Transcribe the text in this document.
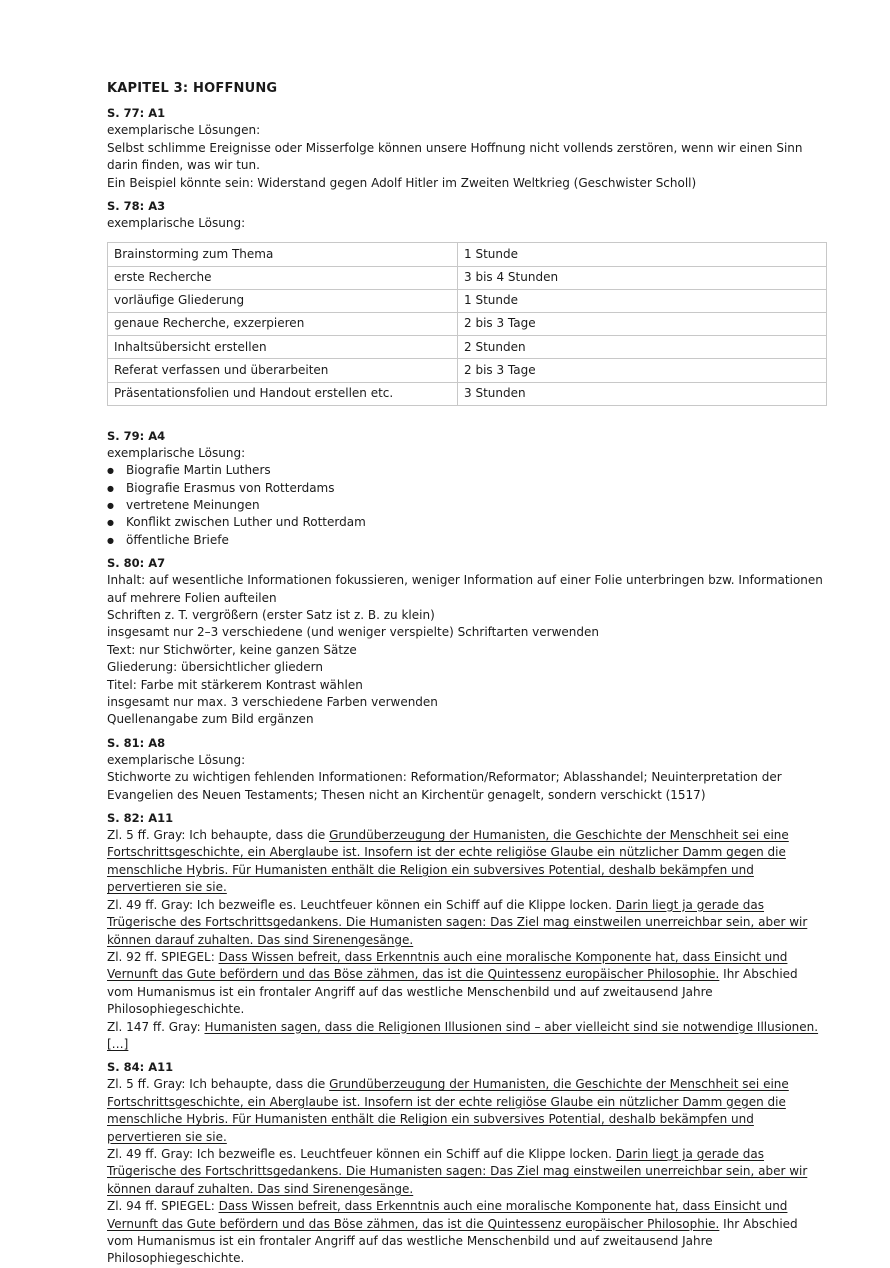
KAPITEL 3: HOFFNUNG
S. 77: A1

exemplarische Lösungen:

Selbst schlimme Ereignisse oder Misserfolge können unsere Hoffnung nicht vollends zerstören, wenn wir einen Sinn darin finden, was wir tun.

Ein Beispiel könnte sein: Widerstand gegen Adolf Hitler im Zweiten Weltkrieg (Geschwister Scholl)

S. 78: A3

exemplarische Lösung:

Brainstorming zum Thema	1 Stunde
erste Recherche	3 bis 4 Stunden
vorläufige Gliederung	1 Stunde
genaue Recherche, exzerpieren	2 bis 3 Tage
Inhaltsübersicht erstellen	2 Stunden
Referat verfassen und überarbeiten	2 bis 3 Tage
Präsentationsfolien und Handout erstellen etc.	3 Stunden
S. 79: A4

exemplarische Lösung:

● Biografie Martin Luthers
● Biografie Erasmus von Rotterdams
● vertretene Meinungen
● Konflikt zwischen Luther und Rotterdam
● öffentliche Briefe
S. 80: A7

Inhalt: auf wesentliche Informationen fokussieren, weniger Information auf einer Folie unterbringen bzw. Informationen auf mehrere Folien aufteilen

Schriften z. T. vergrößern (erster Satz ist z. B. zu klein)

insgesamt nur 2–3 verschiedene (und weniger verspielte) Schriftarten verwenden

Text: nur Stichwörter, keine ganzen Sätze

Gliederung: übersichtlicher gliedern

Titel: Farbe mit stärkerem Kontrast wählen

insgesamt nur max. 3 verschiedene Farben verwenden

Quellenangabe zum Bild ergänzen

S. 81: A8

exemplarische Lösung:

Stichworte zu wichtigen fehlenden Informationen: Reformation/Reformator; Ablasshandel; Neuinterpretation der Evangelien des Neuen Testaments; Thesen nicht an Kirchentür genagelt, sondern verschickt (1517)

S. 82: A11

Zl. 5 ff. Gray: Ich behaupte, dass die Grundüberzeugung der Humanisten, die Geschichte der Menschheit sei eine Fortschrittsgeschichte, ein Aberglaube ist. Insofern ist der echte religiöse Glaube ein nützlicher Damm gegen die menschliche Hybris. Für Humanisten enthält die Religion ein subversives Potential, deshalb bekämpfen und pervertieren sie sie.

Zl. 49 ff. Gray: Ich bezweifle es. Leuchtfeuer können ein Schiff auf die Klippe locken. Darin liegt ja gerade das Trügerische des Fortschrittsgedankens. Die Humanisten sagen: Das Ziel mag einstweilen unerreichbar sein, aber wir können darauf zuhalten. Das sind Sirenengesänge.

Zl. 92 ff. SPIEGEL: Dass Wissen befreit, dass Erkenntnis auch eine moralische Komponente hat, dass Einsicht und Vernunft das Gute befördern und das Böse zähmen, das ist die Quintessenz europäischer Philosophie. Ihr Abschied vom Humanismus ist ein frontaler Angriff auf das westliche Menschenbild und auf zweitausend Jahre Philosophiegeschichte.

Zl. 147 ff. Gray: Humanisten sagen, dass die Religionen Illusionen sind – aber vielleicht sind sie notwendige Illusionen. […]

S. 84: A11

Zl. 5 ff. Gray: Ich behaupte, dass die Grundüberzeugung der Humanisten, die Geschichte der Menschheit sei eine Fortschrittsgeschichte, ein Aberglaube ist. Insofern ist der echte religiöse Glaube ein nützlicher Damm gegen die menschliche Hybris. Für Humanisten enthält die Religion ein subversives Potential, deshalb bekämpfen und pervertieren sie sie.

Zl. 49 ff. Gray: Ich bezweifle es. Leuchtfeuer können ein Schiff auf die Klippe locken. Darin liegt ja gerade das Trügerische des Fortschrittsgedankens. Die Humanisten sagen: Das Ziel mag einstweilen unerreichbar sein, aber wir können darauf zuhalten. Das sind Sirenengesänge.

Zl. 94 ff. SPIEGEL: Dass Wissen befreit, dass Erkenntnis auch eine moralische Komponente hat, dass Einsicht und Vernunft das Gute befördern und das Böse zähmen, das ist die Quintessenz europäischer Philosophie. Ihr Abschied vom Humanismus ist ein frontaler Angriff auf das westliche Menschenbild und auf zweitausend Jahre Philosophiegeschichte.
